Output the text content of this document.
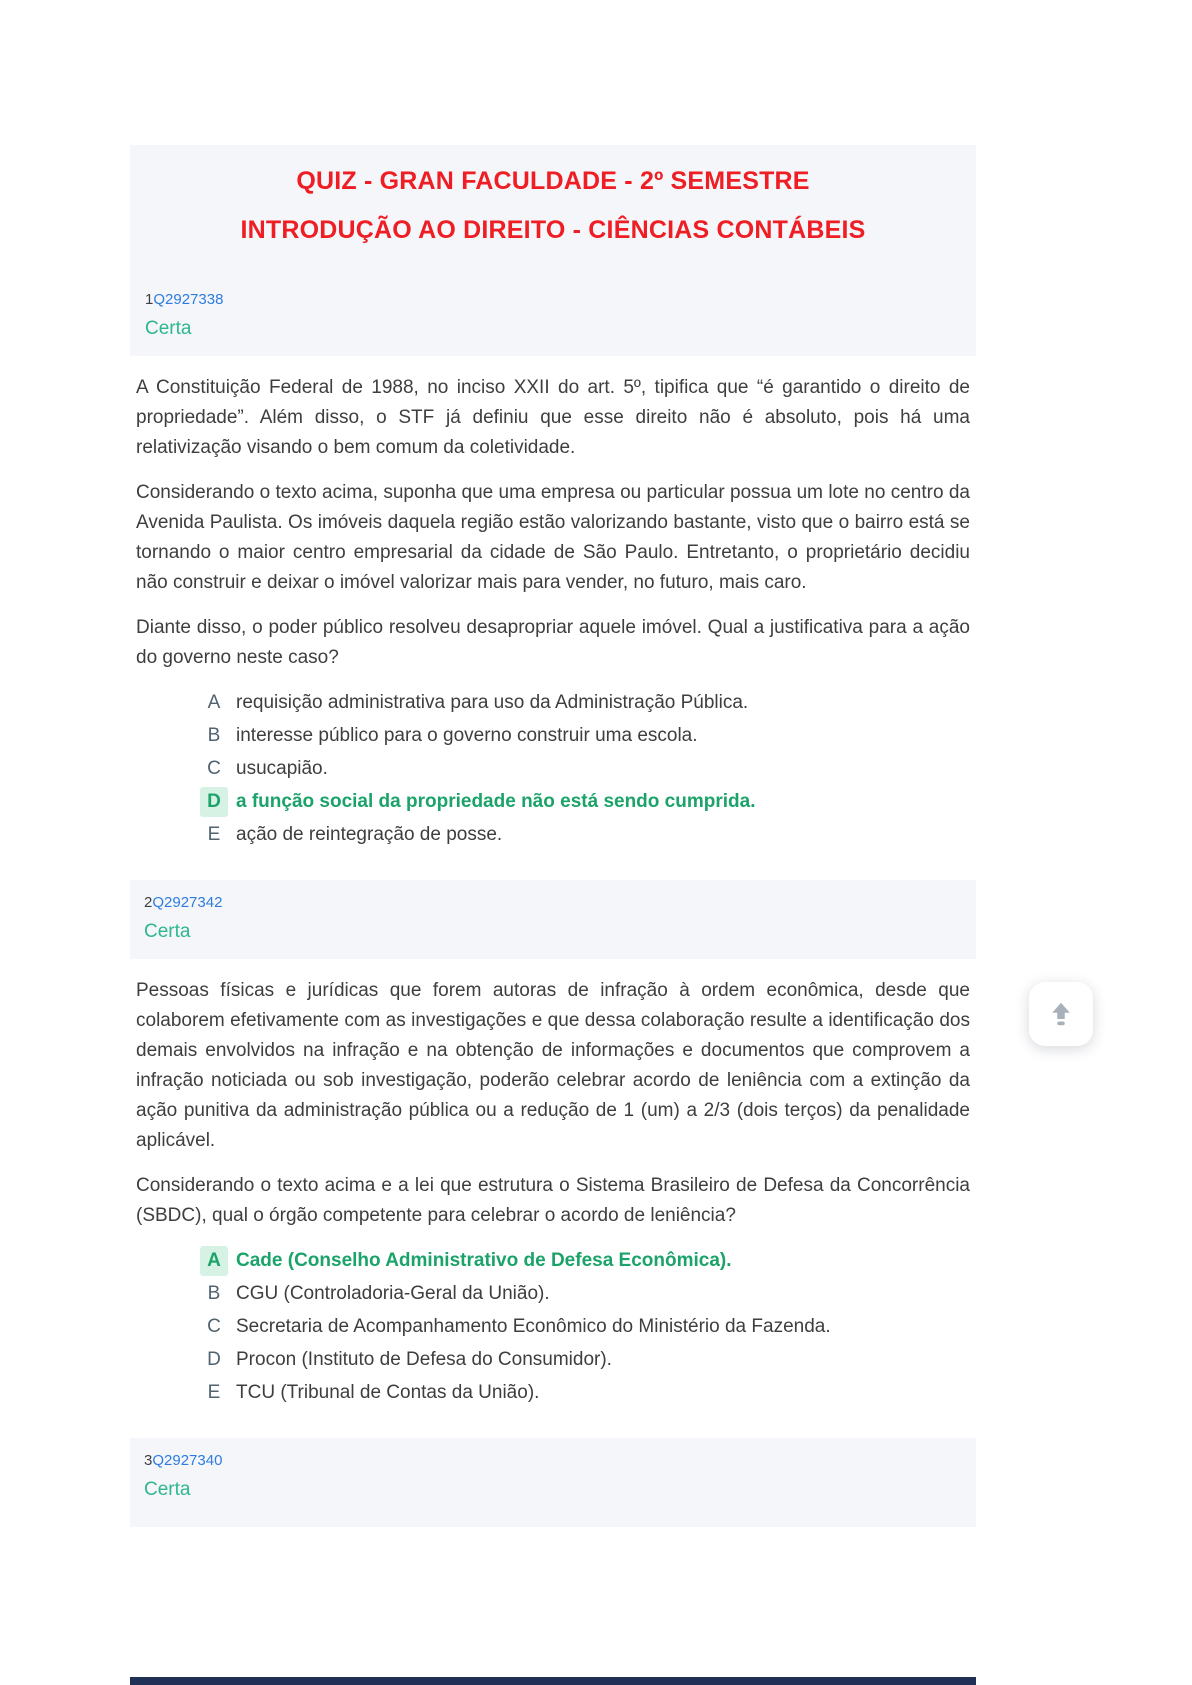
QUIZ - GRAN FACULDADE - 2º SEMESTRE
INTRODUÇÃO AO DIREITO - CIÊNCIAS CONTÁBEIS
1Q2927338
Certa

A Constituição Federal de 1988, no inciso XXII do art. 5º, tipifica que “é garantido o direito de propriedade”. Além disso, o STF já definiu que esse direito não é absoluto, pois há uma relativização visando o bem comum da coletividade.

Considerando o texto acima, suponha que uma empresa ou particular possua um lote no centro da Avenida Paulista. Os imóveis daquela região estão valorizando bastante, visto que o bairro está se tornando o maior centro empresarial da cidade de São Paulo. Entretanto, o proprietário decidiu não construir e deixar o imóvel valorizar mais para vender, no futuro, mais caro.

Diante disso, o poder público resolveu desapropriar aquele imóvel. Qual a justificativa para a ação do governo neste caso?

A requisição administrativa para uso da Administração Pública.
B interesse público para o governo construir uma escola.
C usucapião.
D a função social da propriedade não está sendo cumprida.
E ação de reintegração de posse.
2Q2927342
Certa

Pessoas físicas e jurídicas que forem autoras de infração à ordem econômica, desde que colaborem efetivamente com as investigações e que dessa colaboração resulte a identificação dos demais envolvidos na infração e na obtenção de informações e documentos que comprovem a infração noticiada ou sob investigação, poderão celebrar acordo de leniência com a extinção da ação punitiva da administração pública ou a redução de 1 (um) a 2/3 (dois terços) da penalidade aplicável.

Considerando o texto acima e a lei que estrutura o Sistema Brasileiro de Defesa da Concorrência (SBDC), qual o órgão competente para celebrar o acordo de leniência?

A Cade (Conselho Administrativo de Defesa Econômica).
B CGU (Controladoria-Geral da União).
C Secretaria de Acompanhamento Econômico do Ministério da Fazenda.
D Procon (Instituto de Defesa do Consumidor).
E TCU (Tribunal de Contas da União).
3Q2927340
Certa
